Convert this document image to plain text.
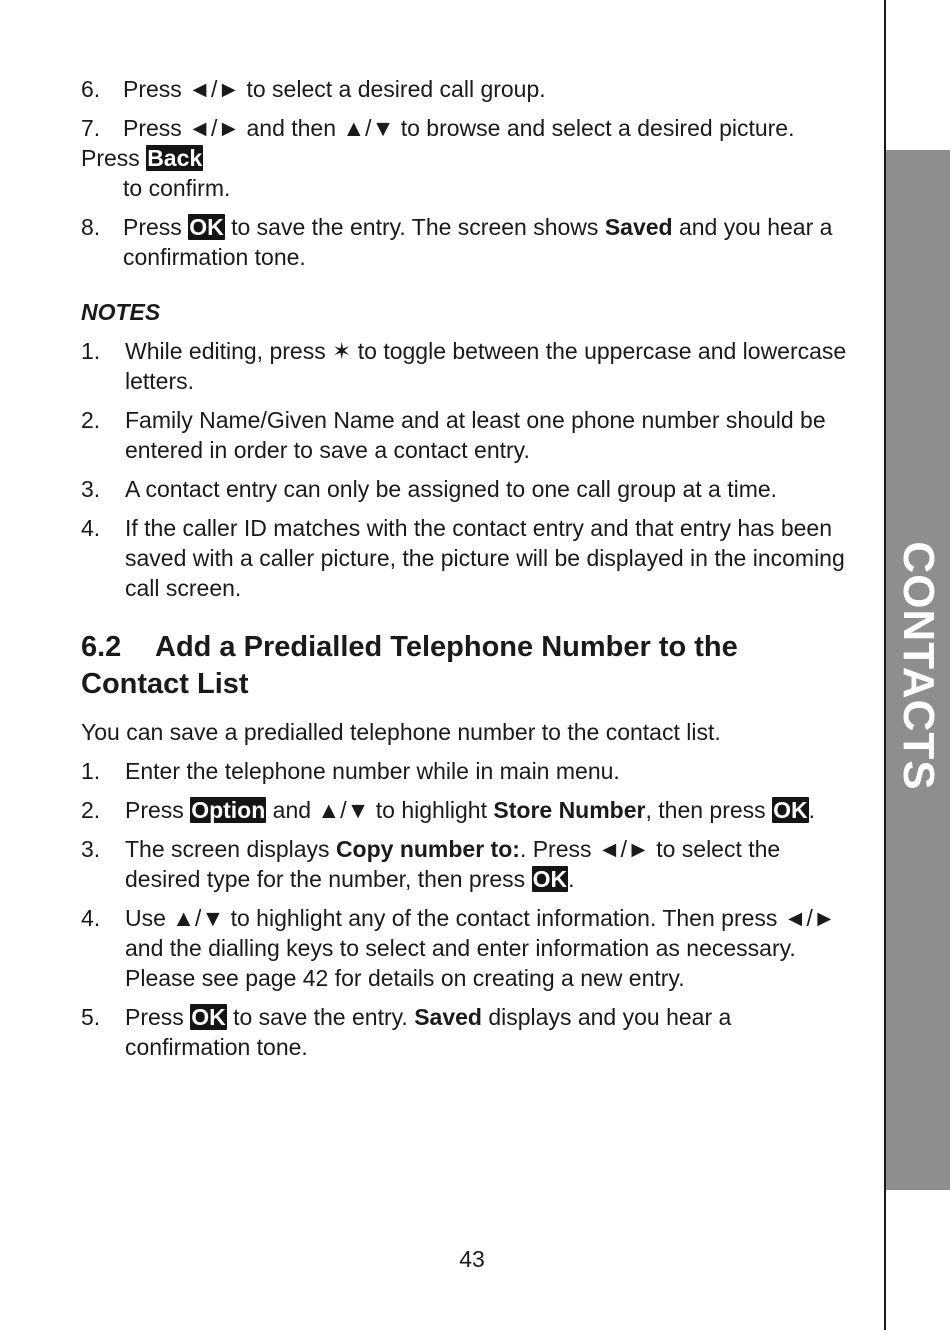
CONTACTS
6. Press ◄/► to select a desired call group.
7. Press ◄/► and then ▲/▼ to browse and select a desired picture. Press Back
to confirm.
8. Press OK to save the entry. The screen shows Saved and you hear a
confirmation tone.
NOTES
1.	While editing, press ✶ to toggle between the uppercase and lowercase letters.
2.	Family Name/Given Name and at least one phone number should be entered in order to save a contact entry.
3.	A contact entry can only be assigned to one call group at a time.
4.	If the caller ID matches with the contact entry and that entry has been saved with a caller picture, the picture will be displayed in the incoming call screen.
6.2 Add a Predialled Telephone Number to the Contact List
You can save a predialled telephone number to the contact list.
1.	Enter the telephone number while in main menu.
2.	Press Option and ▲/▼ to highlight Store Number, then press OK.
3.	The screen displays Copy number to:. Press ◄/► to select the desired type for the number, then press OK.
4.	Use ▲/▼ to highlight any of the contact information. Then press ◄/► and the dialling keys to select and enter information as necessary. Please see page 42 for details on creating a new entry.
5.	Press OK to save the entry. Saved displays and you hear a confirmation tone.
43
